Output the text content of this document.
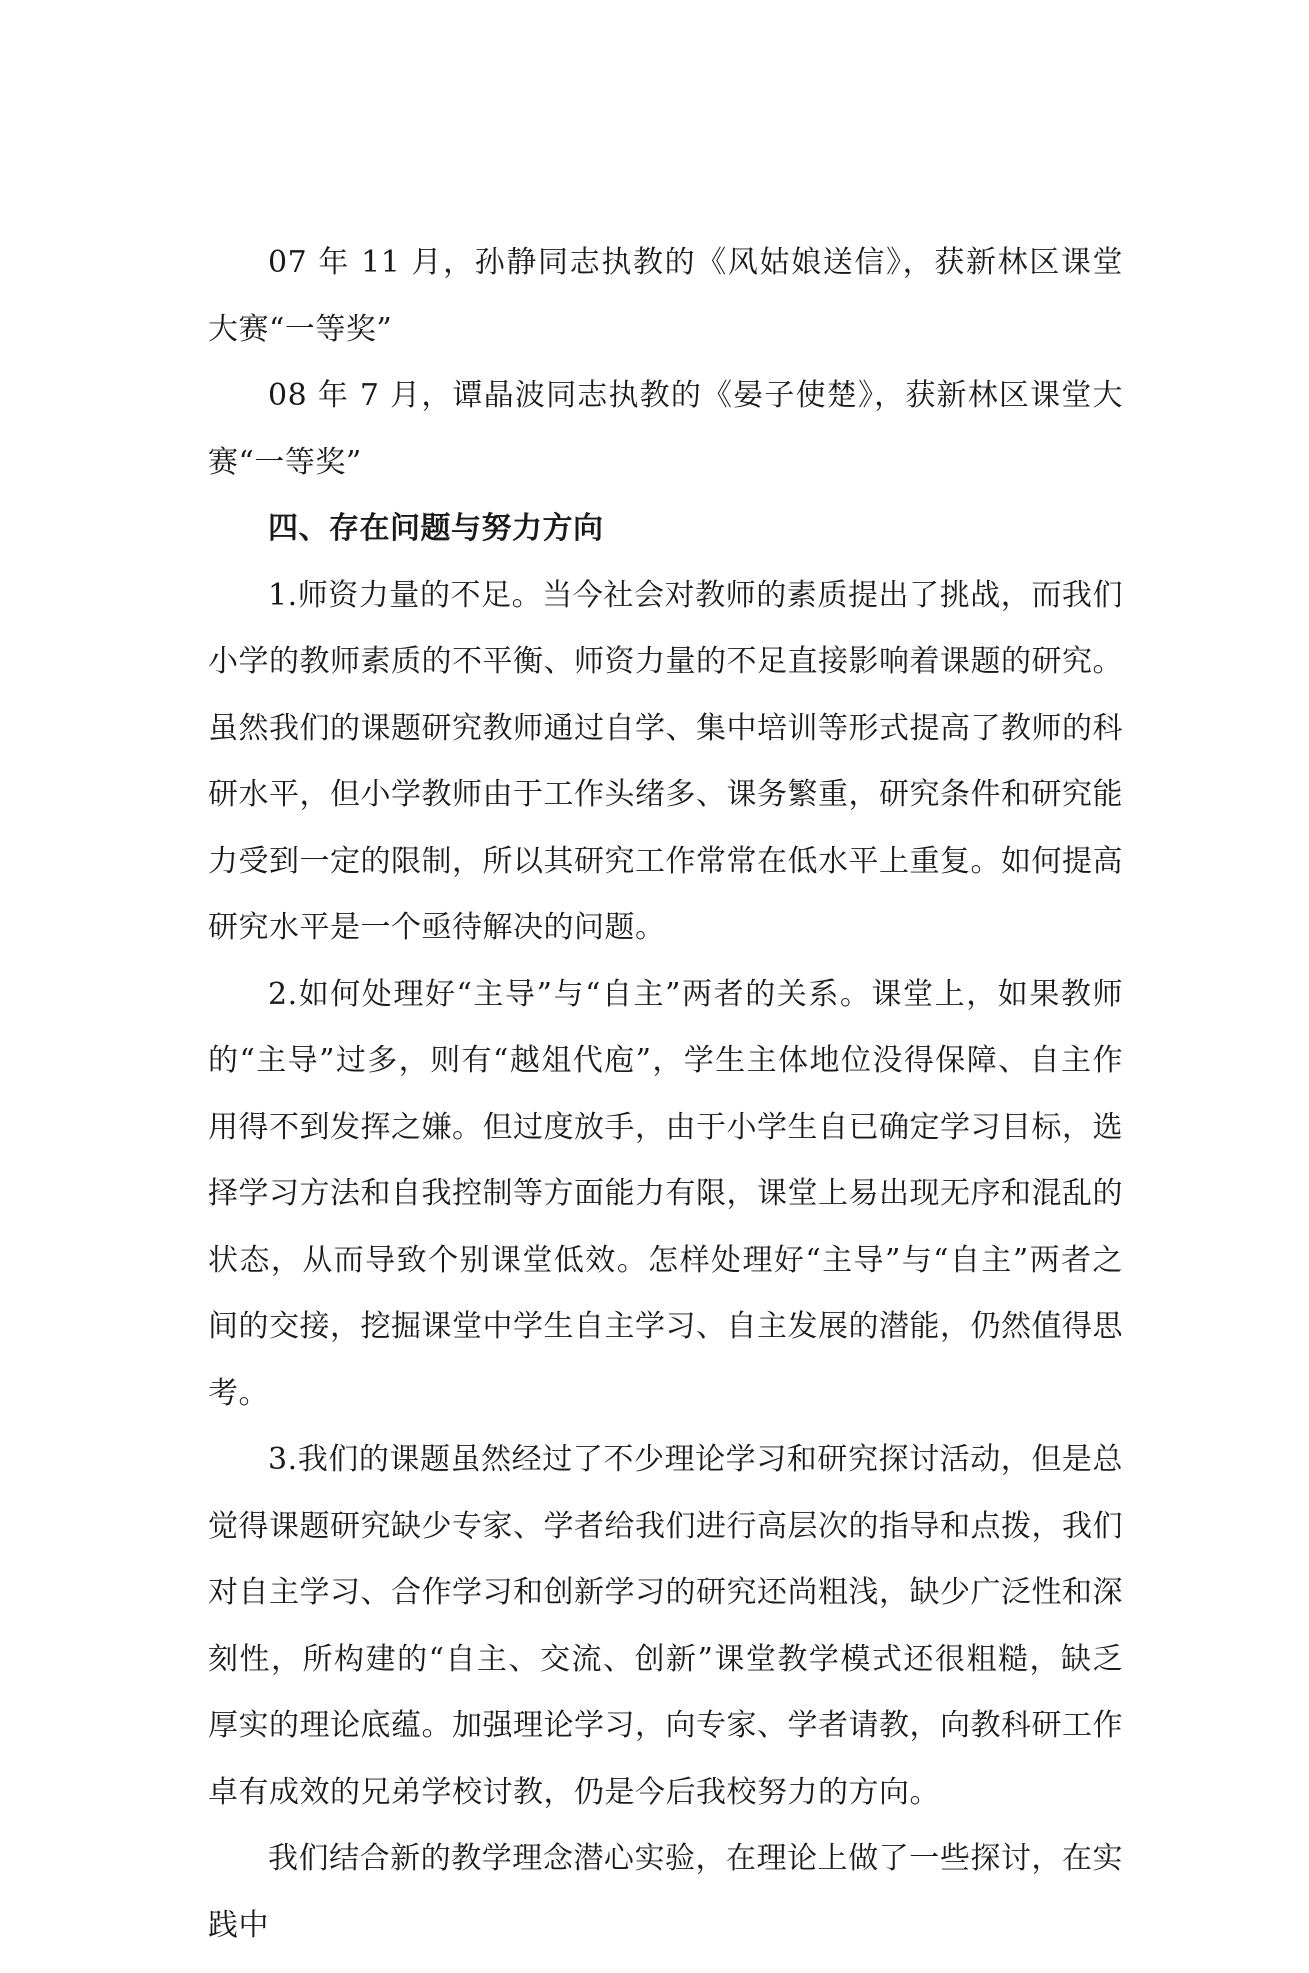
07 年 11 月，孙静同志执教的《风姑娘送信》，获新林区课堂大赛“一等奖”

08 年 7 月，谭晶波同志执教的《晏子使楚》，获新林区课堂大赛“一等奖”

四、存在问题与努力方向

1.师资力量的不足。当今社会对教师的素质提出了挑战，而我们小学的教师素质的不平衡、师资力量的不足直接影响着课题的研究。虽然我们的课题研究教师通过自学、集中培训等形式提高了教师的科研水平，但小学教师由于工作头绪多、课务繁重，研究条件和研究能力受到一定的限制，所以其研究工作常常在低水平上重复。如何提高研究水平是一个亟待解决的问题。

2.如何处理好“主导”与“自主”两者的关系。课堂上，如果教师的“主导”过多，则有“越俎代庖”，学生主体地位没得保障、自主作用得不到发挥之嫌。但过度放手，由于小学生自已确定学习目标，选择学习方法和自我控制等方面能力有限，课堂上易出现无序和混乱的状态，从而导致个别课堂低效。怎样处理好“主导”与“自主”两者之间的交接，挖掘课堂中学生自主学习、自主发展的潜能，仍然值得思考。

3.我们的课题虽然经过了不少理论学习和研究探讨活动，但是总觉得课题研究缺少专家、学者给我们进行高层次的指导和点拨，我们对自主学习、合作学习和创新学习的研究还尚粗浅，缺少广泛性和深刻性，所构建的“自主、交流、创新”课堂教学模式还很粗糙，缺乏厚实的理论底蕴。加强理论学习，向专家、学者请教，向教科研工作卓有成效的兄弟学校讨教，仍是今后我校努力的方向。

我们结合新的教学理念潜心实验，在理论上做了一些探讨，在实践中
